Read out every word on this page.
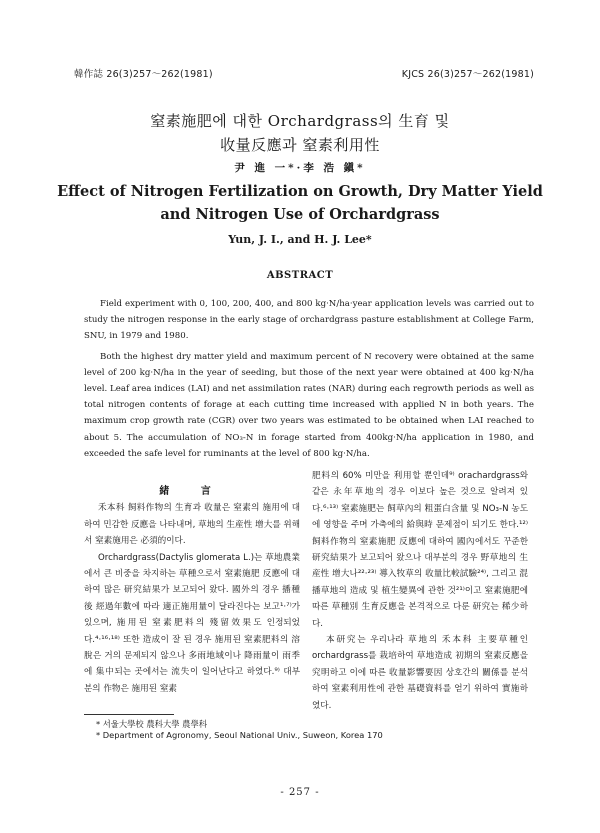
韓作誌 26(3)257～262(1981)	KJCS 26(3)257～262(1981)
窒素施肥에 대한 Orchardgrass의 生育 및
收量反應과 窒素利用性
尹 進 一*·李 浩 鎭*
Effect of Nitrogen Fertilization on Growth, Dry Matter Yield
and Nitrogen Use of Orchardgrass
Yun, J. I., and H. J. Lee*
ABSTRACT

Field experiment with 0, 100, 200, 400, and 800 kg·N/ha·year application levels was carried out to study the nitrogen response in the early stage of orchardgrass pasture establishment at College Farm, SNU, in 1979 and 1980.

Both the highest dry matter yield and maximum percent of N recovery were obtained at the same level of 200 kg·N/ha in the year of seeding, but those of the next year were obtained at 400 kg·N/ha level. Leaf area indices (LAI) and net assimilation rates (NAR) during each regrowth periods as well as total nitrogen contents of forage at each cutting time increased with applied N in both years. The maximum crop growth rate (CGR) over two years was estimated to be obtained when LAI reached to about 5. The accumulation of NO₃-N in forage started from 400kg·N/ha application in 1980, and exceeded the safe level for ruminants at the level of 800 kg·N/ha.

緒 言

禾本科 飼料作物의 生育과 收量은 窒素의 施用에 대하여 민감한 反應을 나타내며, 草地의 生産性 增大를 위해서 窒素施用은 必須的이다.

Orchardgrass(Dactylis glomerata L.)는 草地農業에서 큰 비중을 차지하는 草種으로서 窒素施肥 反應에 대하여 많은 研究結果가 보고되어 왔다. 國外의 경우 播種 後 經過年數에 따라 適正施用量이 달라진다는 보고¹·⁷⁾가 있으며, 施用된 窒素肥料의 殘留效果도 인정되었다.⁴·¹⁶·¹⁸⁾ 또한 造成이 잘 된 경우 施用된 窒素肥料의 溶脫은 거의 문제되지 않으나 多雨地域이나 降雨量이 雨季에 集中되는 곳에서는 流失이 일어난다고 하였다.⁹⁾ 대부분의 作物은 施用된 窒素

肥料의 60% 미만을 利用할 뿐인데⁹⁾ orachardgrass와 같은 永年草地의 경우 이보다 높은 것으로 알려져 있다.⁶·¹³⁾ 窒素施肥는 飼草內의 粗蛋白含量 및 NO₃-N 농도에 영향을 주며 가축에의 給與時 문제점이 되기도 한다.¹²⁾ 飼料作物의 窒素施肥 反應에 대하여 國內에서도 꾸준한 研究結果가 보고되어 왔으나 대부분의 경우 野草地의 生産性 增大나²²·²³⁾ 導入牧草의 收量比較試驗²⁴⁾, 그리고 混播草地의 造成 및 植生變異에 관한 것²¹⁾이고 窒素施肥에 따른 草種別 生育反應을 본격적으로 다룬 研究는 稀少하다.

本研究는 우리나라 草地의 禾本科 主要草種인 orchardgrass를 栽培하여 草地造成 初期의 窒素反應을 究明하고 이에 따른 收量影響要因 상호간의 關係를 분석하여 窒素利用性에 관한 基礎資料를 얻기 위하여 實施하였다.

* 서울大學校 農科大學 農學科
* Department of Agronomy, Seoul National Univ., Suweon, Korea 170
- 257 -
